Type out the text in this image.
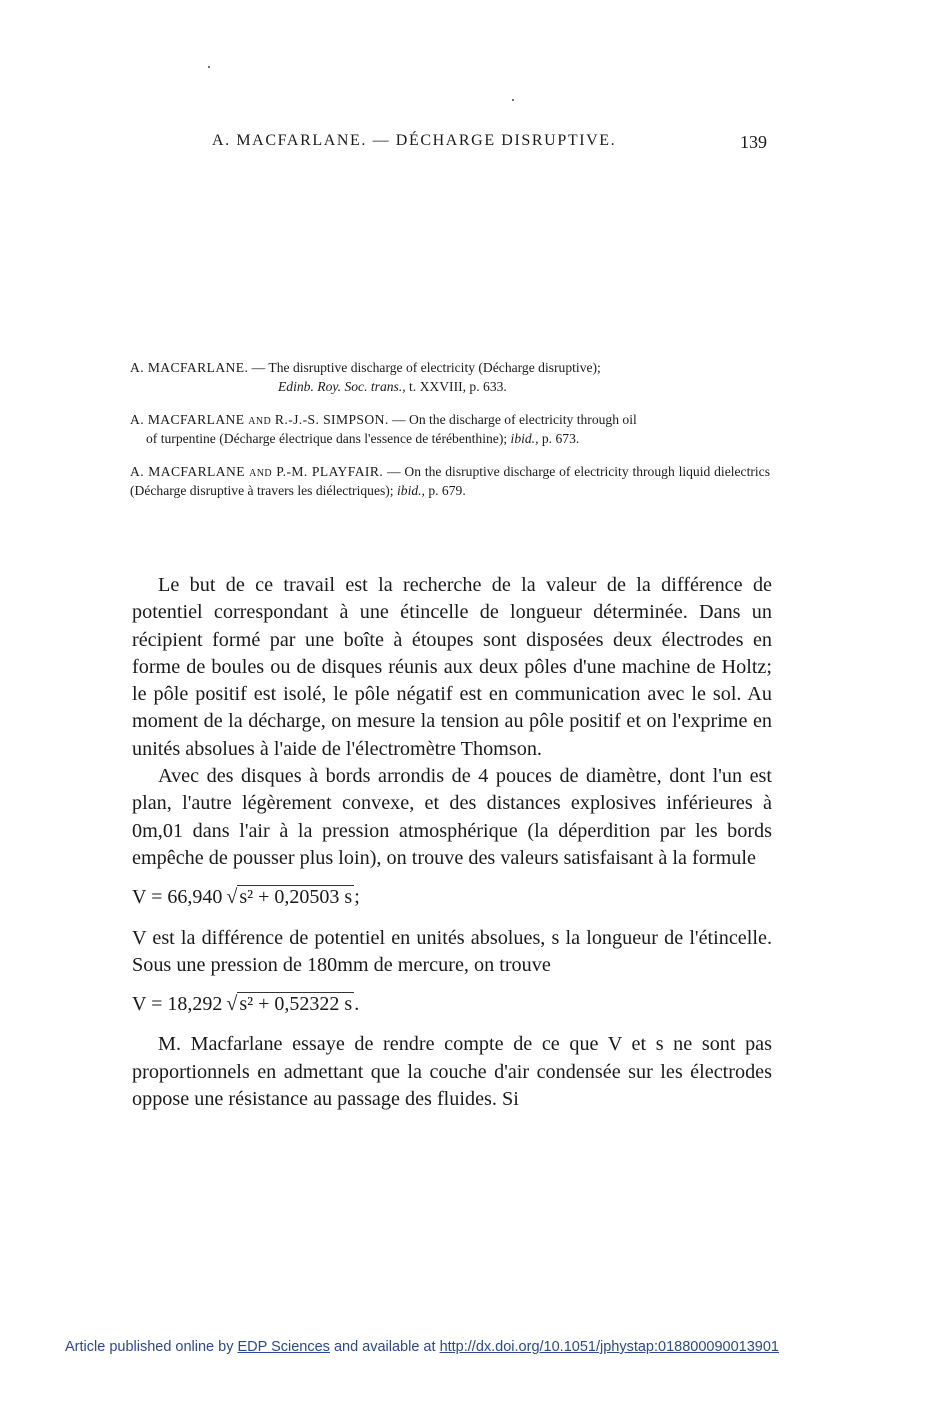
A. MACFARLANE. — DÉCHARGE DISRUPTIVE.	139

A. MACFARLANE. — The disruptive discharge of electricity (Décharge disruptive);
Edinb. Roy. Soc. trans., t. XXVIII, p. 633.

A. MACFARLANE and R.-J.-S. SIMPSON. — On the discharge of electricity through oil
of turpentine (Décharge électrique dans l'essence de térébenthine); ibid., p. 673.

A. MACFARLANE and P.-M. PLAYFAIR. — On the disruptive discharge of electricity through liquid dielectrics (Décharge disruptive à travers les diélectriques); ibid., p. 679.

Le but de ce travail est la recherche de la valeur de la différence de potentiel correspondant à une étincelle de longueur déterminée. Dans un récipient formé par une boîte à étoupes sont disposées deux électrodes en forme de boules ou de disques réunis aux deux pôles d'une machine de Holtz; le pôle positif est isolé, le pôle négatif est en communication avec le sol. Au moment de la décharge, on mesure la tension au pôle positif et on l'exprime en unités absolues à l'aide de l'électromètre Thomson.

Avec des disques à bords arrondis de 4 pouces de diamètre, dont l'un est plan, l'autre légèrement convexe, et des distances explosives inférieures à 0m,01 dans l'air à la pression atmosphérique (la déperdition par les bords empêche de pousser plus loin), on trouve des valeurs satisfaisant à la formule

V = 66,940 √ s² + 0,20503 s ;

V est la différence de potentiel en unités absolues, s la longueur de l'étincelle. Sous une pression de 180mm de mercure, on trouve

V = 18,292 √ s² + 0,52322 s .

M. Macfarlane essaye de rendre compte de ce que V et s ne sont pas proportionnels en admettant que la couche d'air condensée sur les électrodes oppose une résistance au passage des fluides. Si

Article published online by EDP Sciences and available at http://dx.doi.org/10.1051/jphystap:018800090013901
